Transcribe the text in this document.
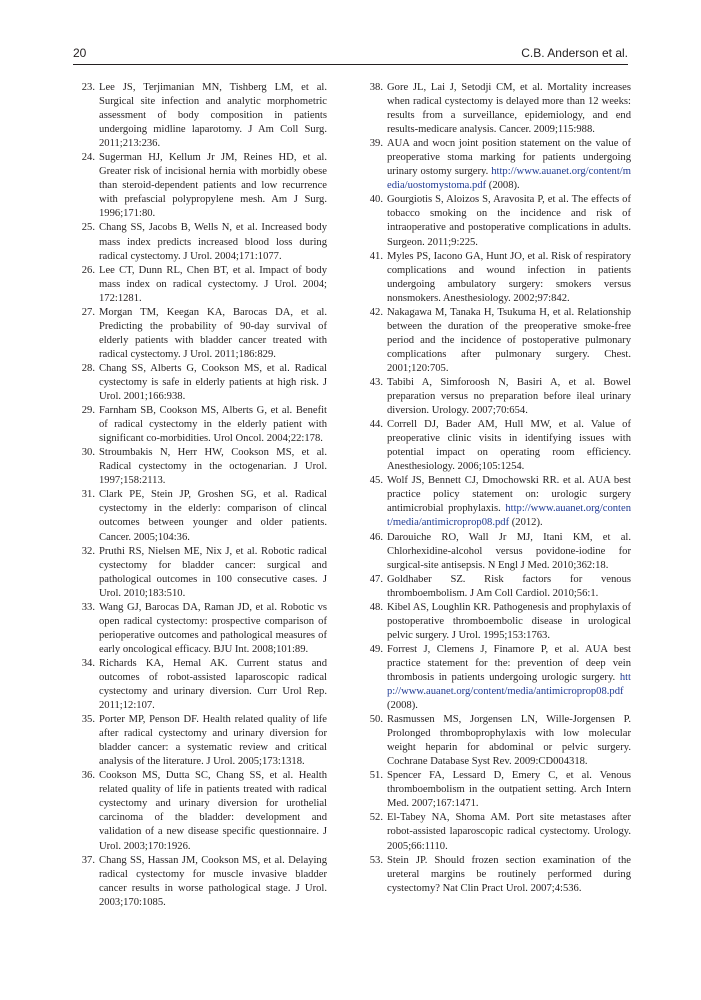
20	C.B. Anderson et al.
23. Lee JS, Terjimanian MN, Tishberg LM, et al. Surgical site infection and analytic morphometric assessment of body composition in patients undergoing midline laparotomy. J Am Coll Surg. 2011;213:236.
24. Sugerman HJ, Kellum Jr JM, Reines HD, et al. Greater risk of incisional hernia with morbidly obese than steroid-dependent patients and low recurrence with prefascial polypropylene mesh. Am J Surg. 1996;171:80.
25. Chang SS, Jacobs B, Wells N, et al. Increased body mass index predicts increased blood loss during radical cystectomy. J Urol. 2004;171:1077.
26. Lee CT, Dunn RL, Chen BT, et al. Impact of body mass index on radical cystectomy. J Urol. 2004; 172:1281.
27. Morgan TM, Keegan KA, Barocas DA, et al. Predicting the probability of 90-day survival of elderly patients with bladder cancer treated with radical cystectomy. J Urol. 2011;186:829.
28. Chang SS, Alberts G, Cookson MS, et al. Radical cystectomy is safe in elderly patients at high risk. J Urol. 2001;166:938.
29. Farnham SB, Cookson MS, Alberts G, et al. Benefit of radical cystectomy in the elderly patient with significant co-morbidities. Urol Oncol. 2004;22:178.
30. Stroumbakis N, Herr HW, Cookson MS, et al. Radical cystectomy in the octogenarian. J Urol. 1997;158:2113.
31. Clark PE, Stein JP, Groshen SG, et al. Radical cystectomy in the elderly: comparison of clincal outcomes between younger and older patients. Cancer. 2005;104:36.
32. Pruthi RS, Nielsen ME, Nix J, et al. Robotic radical cystectomy for bladder cancer: surgical and pathological outcomes in 100 consecutive cases. J Urol. 2010;183:510.
33. Wang GJ, Barocas DA, Raman JD, et al. Robotic vs open radical cystectomy: prospective comparison of perioperative outcomes and pathological measures of early oncological efficacy. BJU Int. 2008;101:89.
34. Richards KA, Hemal AK. Current status and outcomes of robot-assisted laparoscopic radical cystectomy and urinary diversion. Curr Urol Rep. 2011;12:107.
35. Porter MP, Penson DF. Health related quality of life after radical cystectomy and urinary diversion for bladder cancer: a systematic review and critical analysis of the literature. J Urol. 2005;173:1318.
36. Cookson MS, Dutta SC, Chang SS, et al. Health related quality of life in patients treated with radical cystectomy and urinary diversion for urothelial carcinoma of the bladder: development and validation of a new disease specific questionnaire. J Urol. 2003;170:1926.
37. Chang SS, Hassan JM, Cookson MS, et al. Delaying radical cystectomy for muscle invasive bladder cancer results in worse pathological stage. J Urol. 2003;170:1085.
38. Gore JL, Lai J, Setodji CM, et al. Mortality increases when radical cystectomy is delayed more than 12 weeks: results from a surveillance, epidemiology, and end results-medicare analysis. Cancer. 2009;115:988.
39. AUA and wocn joint position statement on the value of preoperative stoma marking for patients undergoing urinary ostomy surgery. http://www.auanet.org/content/media/uostomystoma.pdf (2008).
40. Gourgiotis S, Aloizos S, Aravosita P, et al. The effects of tobacco smoking on the incidence and risk of intraoperative and postoperative complications in adults. Surgeon. 2011;9:225.
41. Myles PS, Iacono GA, Hunt JO, et al. Risk of respiratory complications and wound infection in patients undergoing ambulatory surgery: smokers versus nonsmokers. Anesthesiology. 2002;97:842.
42. Nakagawa M, Tanaka H, Tsukuma H, et al. Relationship between the duration of the preoperative smoke-free period and the incidence of postoperative pulmonary complications after pulmonary surgery. Chest. 2001;120:705.
43. Tabibi A, Simforoosh N, Basiri A, et al. Bowel preparation versus no preparation before ileal urinary diversion. Urology. 2007;70:654.
44. Correll DJ, Bader AM, Hull MW, et al. Value of preoperative clinic visits in identifying issues with potential impact on operating room efficiency. Anesthesiology. 2006;105:1254.
45. Wolf JS, Bennett CJ, Dmochowski RR. et al. AUA best practice policy statement on: urologic surgery antimicrobial prophylaxis. http://www.auanet.org/content/media/antimicroprop08.pdf (2012).
46. Darouiche RO, Wall Jr MJ, Itani KM, et al. Chlorhexidine-alcohol versus povidone-iodine for surgical-site antisepsis. N Engl J Med. 2010;362:18.
47. Goldhaber SZ. Risk factors for venous thromboembolism. J Am Coll Cardiol. 2010;56:1.
48. Kibel AS, Loughlin KR. Pathogenesis and prophylaxis of postoperative thromboembolic disease in urological pelvic surgery. J Urol. 1995;153:1763.
49. Forrest J, Clemens J, Finamore P, et al. AUA best practice statement for the: prevention of deep vein thrombosis in patients undergoing urologic surgery. http://www.auanet.org/content/media/antimicroprop08.pdf (2008).
50. Rasmussen MS, Jorgensen LN, Wille-Jorgensen P. Prolonged thromboprophylaxis with low molecular weight heparin for abdominal or pelvic surgery. Cochrane Database Syst Rev. 2009:CD004318.
51. Spencer FA, Lessard D, Emery C, et al. Venous thromboembolism in the outpatient setting. Arch Intern Med. 2007;167:1471.
52. El-Tabey NA, Shoma AM. Port site metastases after robot-assisted laparoscopic radical cystectomy. Urology. 2005;66:1110.
53. Stein JP. Should frozen section examination of the ureteral margins be routinely performed during cystectomy? Nat Clin Pract Urol. 2007;4:536.
